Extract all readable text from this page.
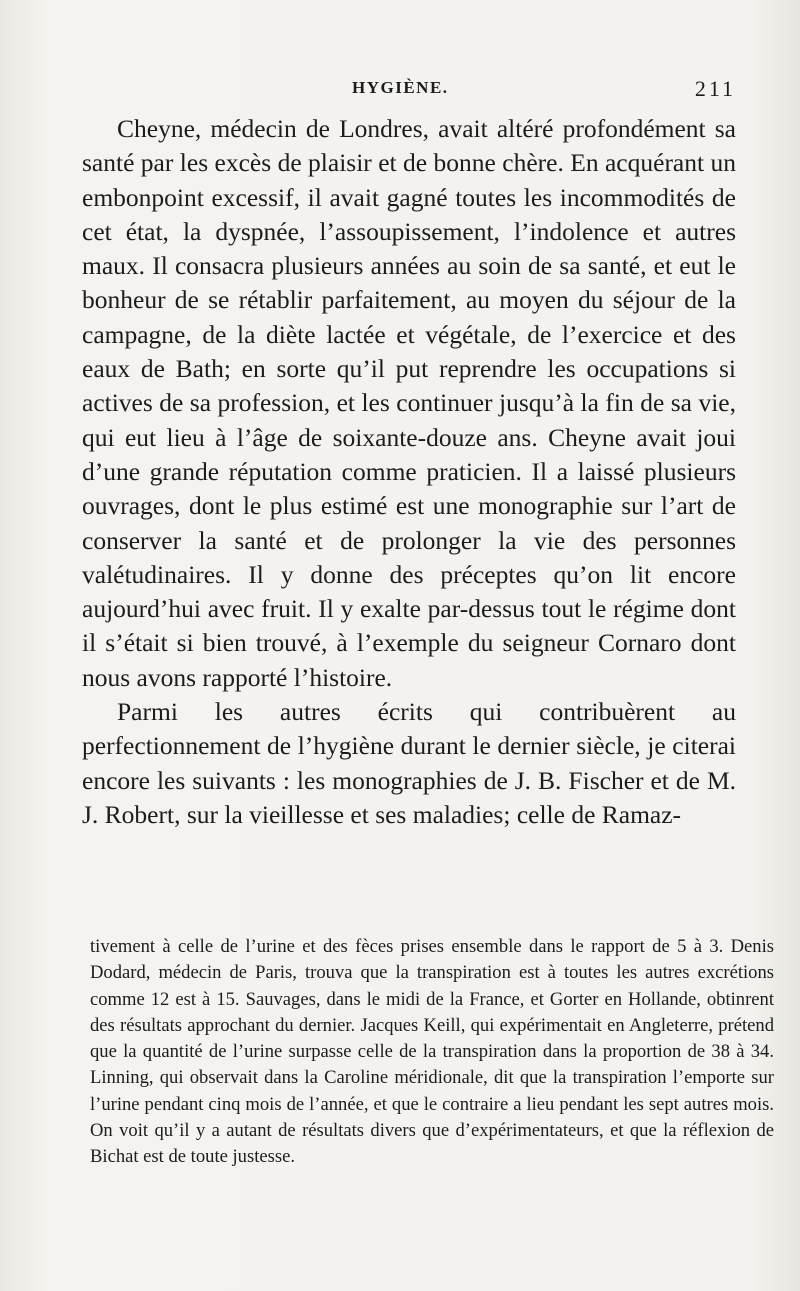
HYGIÈNE.	211

Cheyne, médecin de Londres, avait altéré profondément sa santé par les excès de plaisir et de bonne chère. En acquérant un embonpoint excessif, il avait gagné toutes les incommodités de cet état, la dyspnée, l’assoupissement, l’indolence et autres maux. Il consacra plusieurs années au soin de sa santé, et eut le bonheur de se rétablir parfaitement, au moyen du séjour de la campagne, de la diète lactée et végétale, de l’exercice et des eaux de Bath; en sorte qu’il put reprendre les occupations si actives de sa profession, et les continuer jusqu’à la fin de sa vie, qui eut lieu à l’âge de soixante-douze ans. Cheyne avait joui d’une grande réputation comme praticien. Il a laissé plusieurs ouvrages, dont le plus estimé est une monographie sur l’art de conserver la santé et de prolonger la vie des personnes valétudinaires. Il y donne des préceptes qu’on lit encore aujourd’hui avec fruit. Il y exalte par-dessus tout le régime dont il s’était si bien trouvé, à l’exemple du seigneur Cornaro dont nous avons rapporté l’histoire.

Parmi les autres écrits qui contribuèrent au perfectionnement de l’hygiène durant le dernier siècle, je citerai encore les suivants : les monographies de J. B. Fischer et de M. J. Robert, sur la vieillesse et ses maladies; celle de Ramaz-

tivement à celle de l’urine et des fèces prises ensemble dans le rapport de 5 à 3. Denis Dodard, médecin de Paris, trouva que la transpiration est à toutes les autres excrétions comme 12 est à 15. Sauvages, dans le midi de la France, et Gorter en Hollande, obtinrent des résultats approchant du dernier. Jacques Keill, qui expérimentait en Angleterre, prétend que la quantité de l’urine surpasse celle de la transpiration dans la proportion de 38 à 34. Linning, qui observait dans la Caroline méridionale, dit que la transpiration l’emporte sur l’urine pendant cinq mois de l’année, et que le contraire a lieu pendant les sept autres mois. On voit qu’il y a autant de résultats divers que d’expérimentateurs, et que la réflexion de Bichat est de toute justesse.
